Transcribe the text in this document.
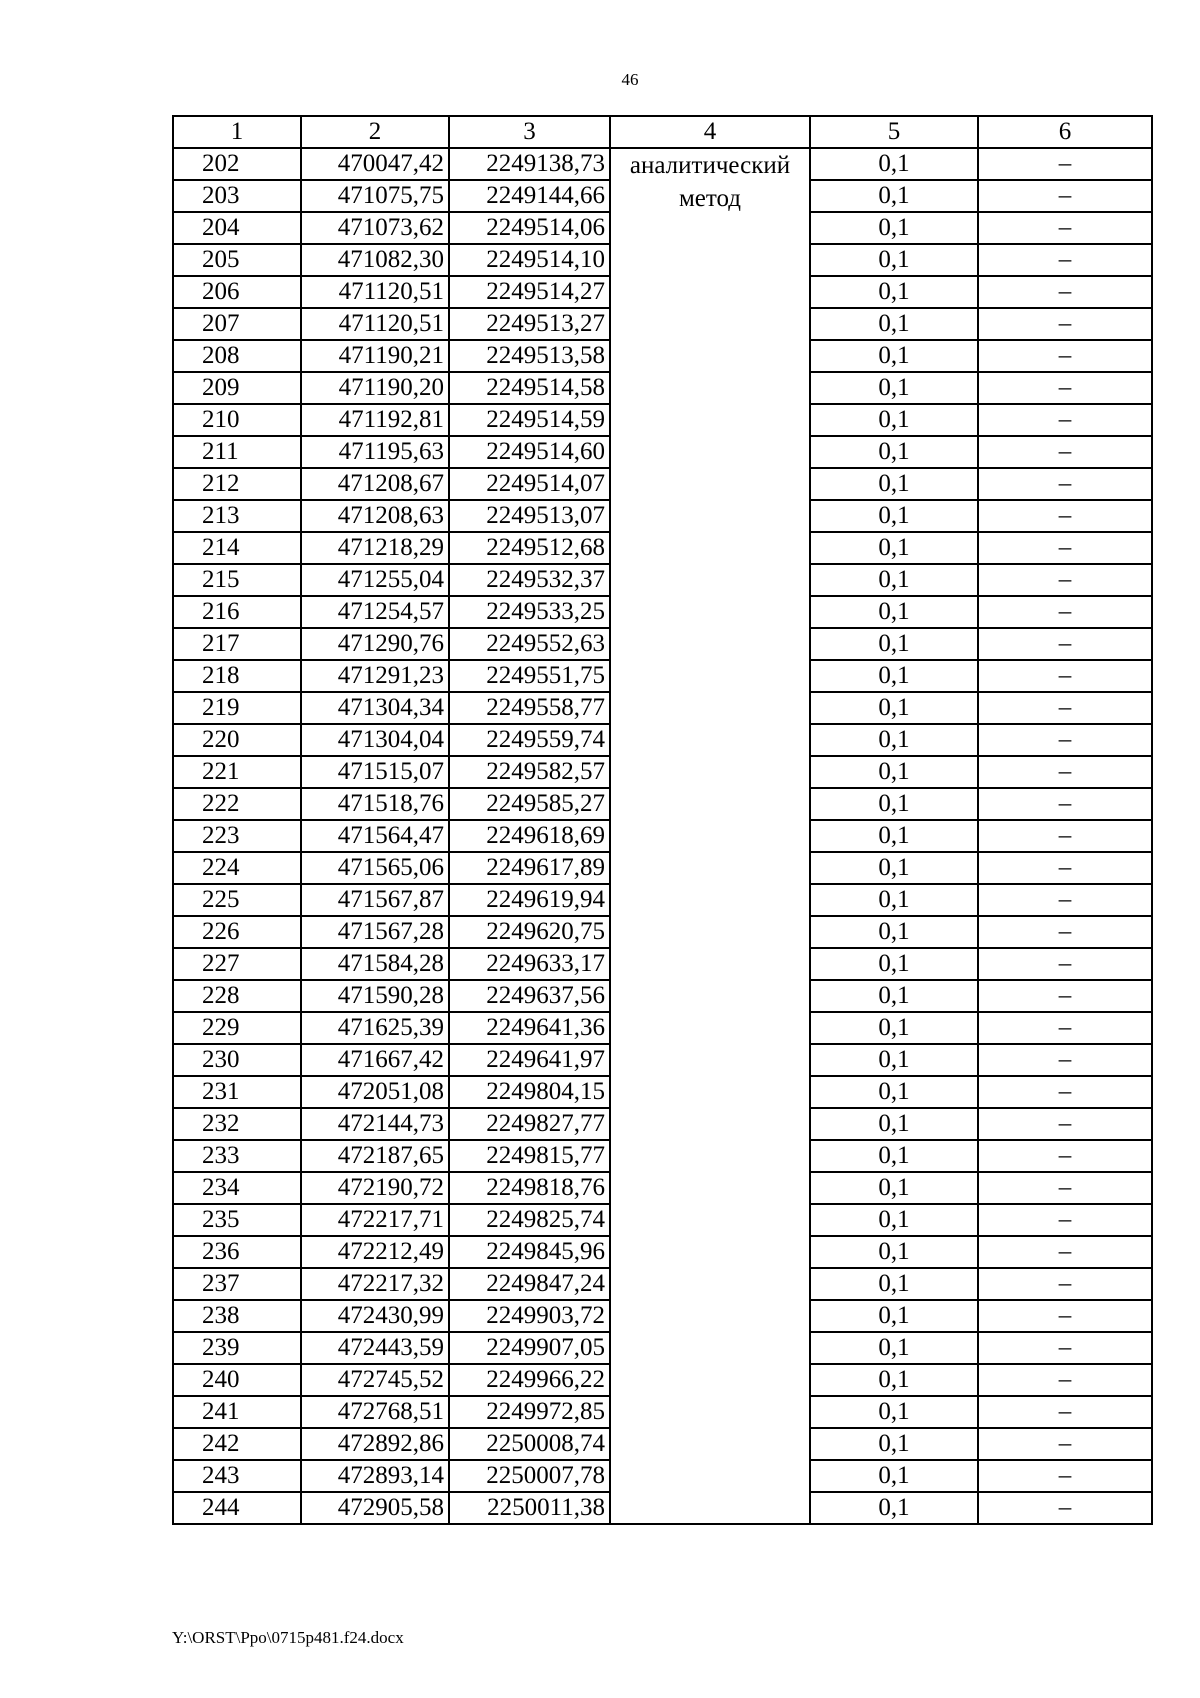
46
1	2	3	4	5	6
202	470047,42	2249138,73	аналитический метод	0,1	–
203	471075,75	2249144,66		0,1	–
204	471073,62	2249514,06		0,1	–
205	471082,30	2249514,10		0,1	–
206	471120,51	2249514,27		0,1	–
207	471120,51	2249513,27		0,1	–
208	471190,21	2249513,58		0,1	–
209	471190,20	2249514,58		0,1	–
210	471192,81	2249514,59		0,1	–
211	471195,63	2249514,60		0,1	–
212	471208,67	2249514,07		0,1	–
213	471208,63	2249513,07		0,1	–
214	471218,29	2249512,68		0,1	–
215	471255,04	2249532,37		0,1	–
216	471254,57	2249533,25		0,1	–
217	471290,76	2249552,63		0,1	–
218	471291,23	2249551,75		0,1	–
219	471304,34	2249558,77		0,1	–
220	471304,04	2249559,74		0,1	–
221	471515,07	2249582,57		0,1	–
222	471518,76	2249585,27		0,1	–
223	471564,47	2249618,69		0,1	–
224	471565,06	2249617,89		0,1	–
225	471567,87	2249619,94		0,1	–
226	471567,28	2249620,75		0,1	–
227	471584,28	2249633,17		0,1	–
228	471590,28	2249637,56		0,1	–
229	471625,39	2249641,36		0,1	–
230	471667,42	2249641,97		0,1	–
231	472051,08	2249804,15		0,1	–
232	472144,73	2249827,77		0,1	–
233	472187,65	2249815,77		0,1	–
234	472190,72	2249818,76		0,1	–
235	472217,71	2249825,74		0,1	–
236	472212,49	2249845,96		0,1	–
237	472217,32	2249847,24		0,1	–
238	472430,99	2249903,72		0,1	–
239	472443,59	2249907,05		0,1	–
240	472745,52	2249966,22		0,1	–
241	472768,51	2249972,85		0,1	–
242	472892,86	2250008,74		0,1	–
243	472893,14	2250007,78		0,1	–
244	472905,58	2250011,38		0,1	–
Y:\ORST\Ppo\0715p481.f24.docx
